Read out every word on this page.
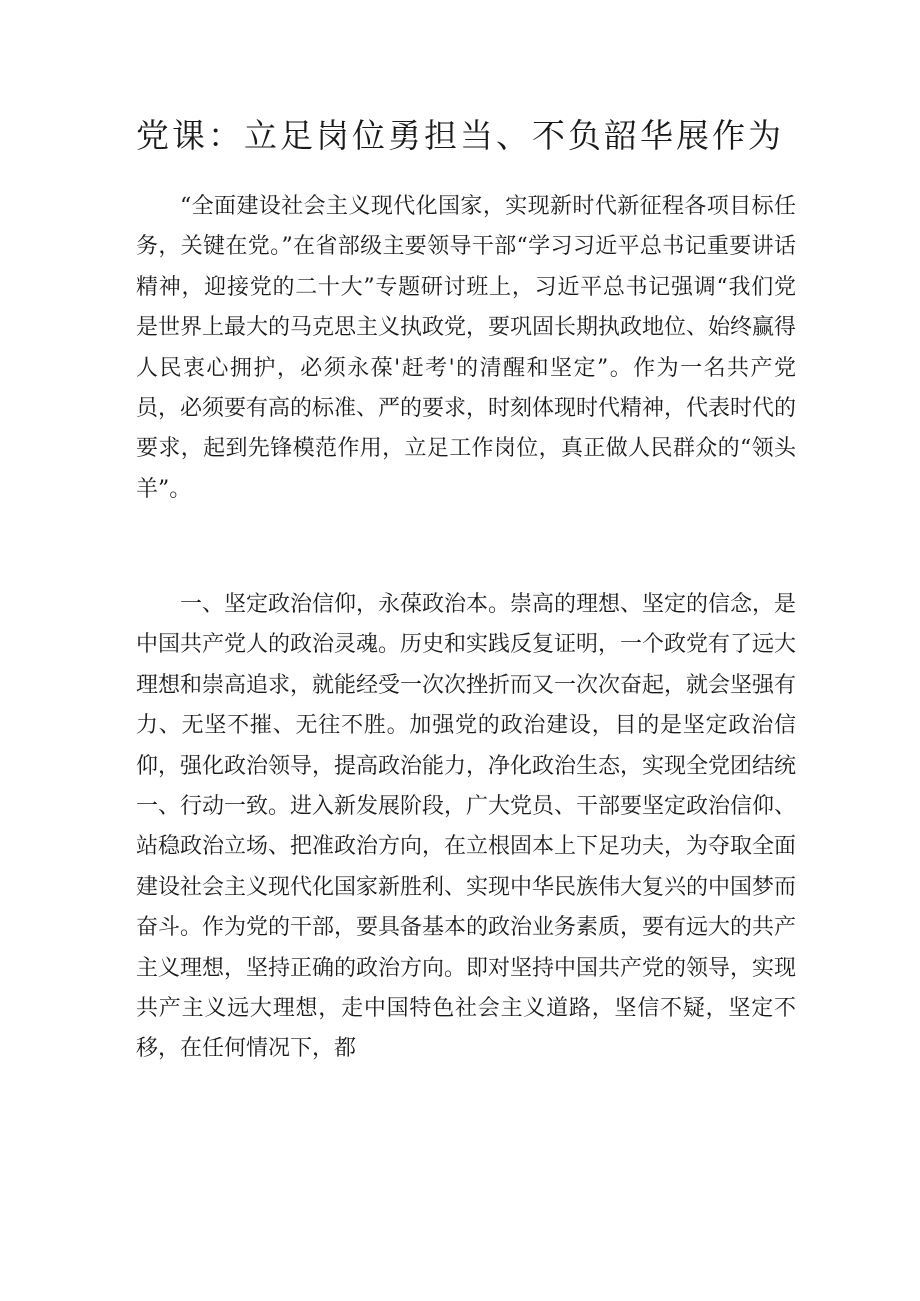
党课：立足岗位勇担当、不负韶华展作为

“全面建设社会主义现代化国家，实现新时代新征程各项目标任务，关键在党。”在省部级主要领导干部“学习习近平总书记重要讲话精神，迎接党的二十大”专题研讨班上，习近平总书记强调“我们党是世界上最大的马克思主义执政党，要巩固长期执政地位、始终赢得人民衷心拥护，必须永葆'赶考'的清醒和坚定”。作为一名共产党员，必须要有高的标准、严的要求，时刻体现时代精神，代表时代的要求，起到先锋模范作用，立足工作岗位，真正做人民群众的“领头羊”。

一、坚定政治信仰，永葆政治本。崇高的理想、坚定的信念，是中国共产党人的政治灵魂。历史和实践反复证明，一个政党有了远大理想和崇高追求，就能经受一次次挫折而又一次次奋起，就会坚强有力、无坚不摧、无往不胜。加强党的政治建设，目的是坚定政治信仰，强化政治领导，提高政治能力，净化政治生态，实现全党团结统一、行动一致。进入新发展阶段，广大党员、干部要坚定政治信仰、站稳政治立场、把准政治方向，在立根固本上下足功夫，为夺取全面建设社会主义现代化国家新胜利、实现中华民族伟大复兴的中国梦而奋斗。作为党的干部，要具备基本的政治业务素质，要有远大的共产主义理想，坚持正确的政治方向。即对坚持中国共产党的领导，实现共产主义远大理想，走中国特色社会主义道路，坚信不疑，坚定不移，在任何情况下，都
